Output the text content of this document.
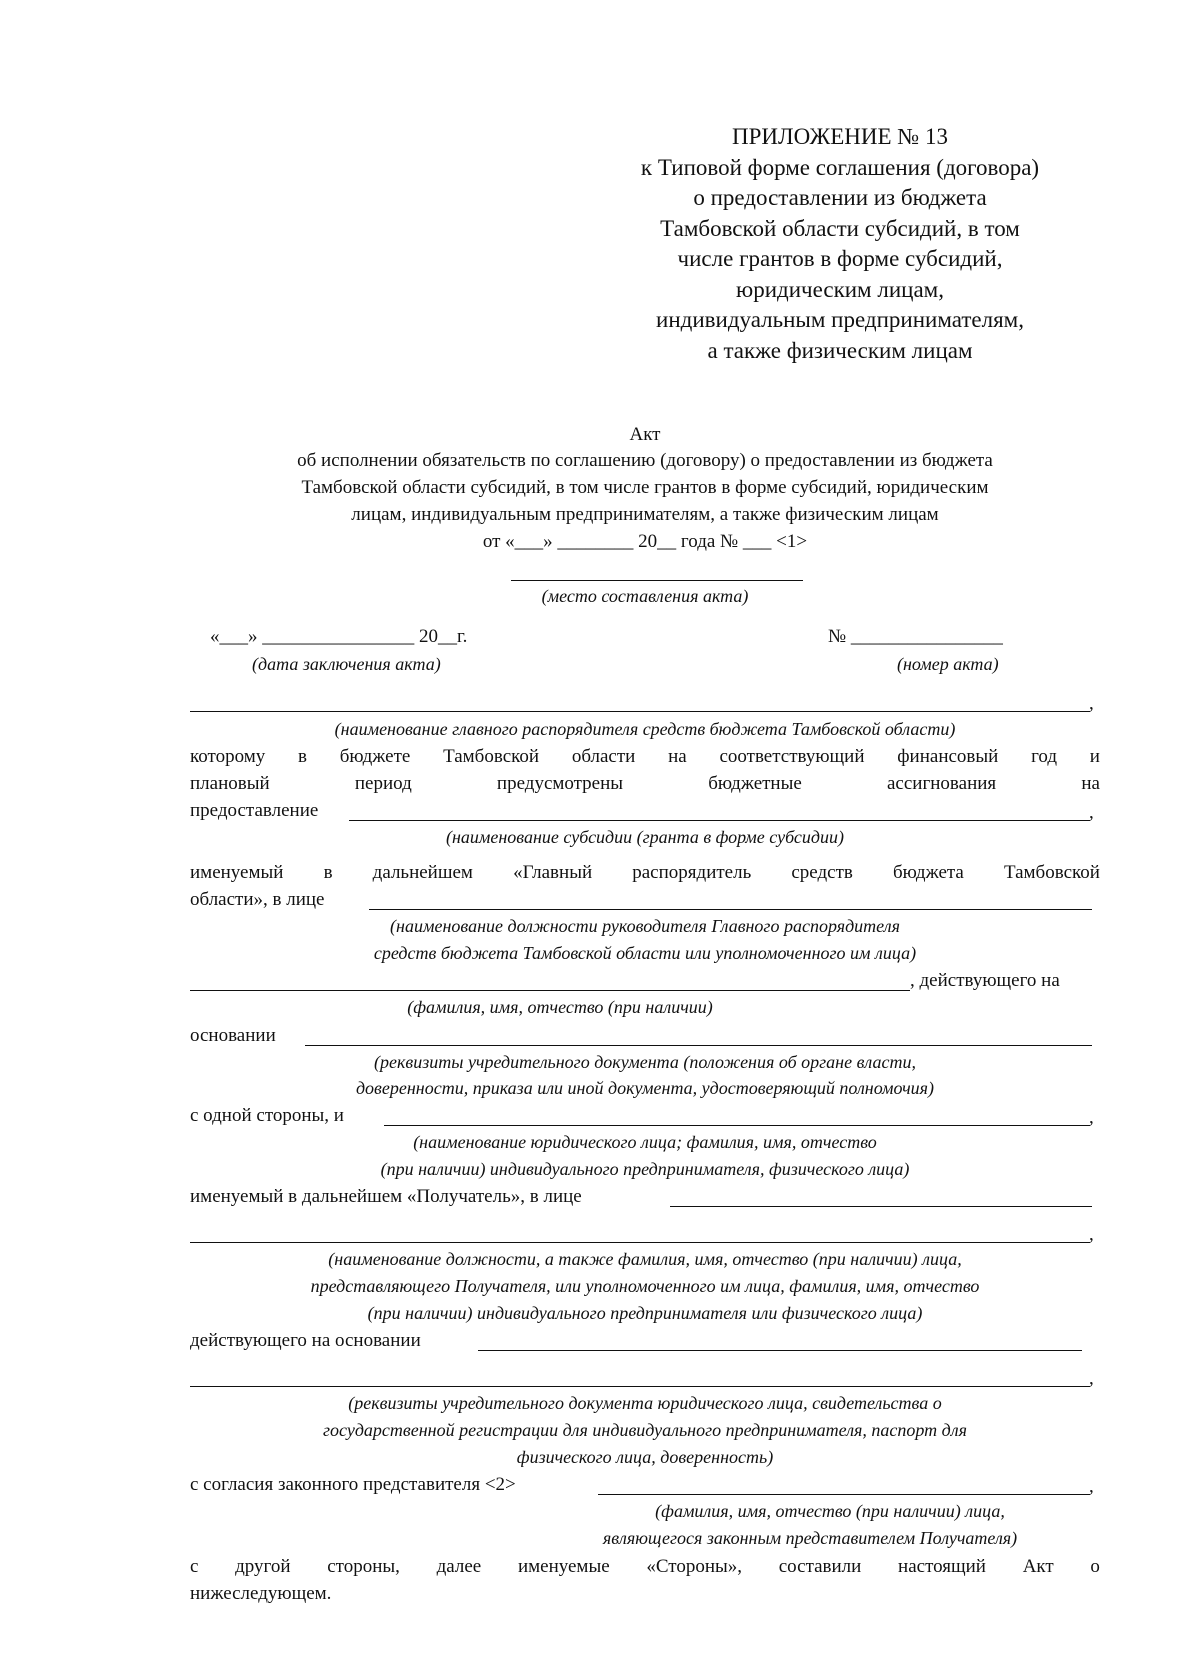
ПРИЛОЖЕНИЕ № 13
к Типовой форме соглашения (договора)
о предоставлении из бюджета
Тамбовской области субсидий, в том
числе грантов в форме субсидий,
юридическим лицам,
индивидуальным предпринимателям,
а также физическим лицам
Акт
об исполнении обязательств по соглашению (договору) о предоставлении из бюджета
Тамбовской области субсидий, в том числе грантов в форме субсидий, юридическим
лицам, индивидуальным предпринимателям, а также физическим лицам
от «___» ________ 20__ года № ___ <1>
(место составления акта)
«___» ________________ 20__г.	№ ________________
(дата заключения акта)	(номер акта)
,
(наименование главного распорядителя средств бюджета Тамбовской области)
которому в бюджете Тамбовской области на соответствующий финансовый год и
плановый	период	предусмотрены	бюджетные	ассигнования	на
предоставление	,
(наименование субсидии (гранта в форме субсидии)
именуемый в дальнейшем «Главный распорядитель средств бюджета Тамбовской
области», в лице
(наименование должности руководителя Главного распорядителя
средств бюджета Тамбовской области или уполномоченного им лица)
, действующего на
(фамилия, имя, отчество (при наличии)
основании
(реквизиты учредительного документа (положения об органе власти,
доверенности, приказа или иной документа, удостоверяющий полномочия)
с одной стороны, и	,
(наименование юридического лица; фамилия, имя, отчество
(при наличии) индивидуального предпринимателя, физического лица)
именуемый в дальнейшем «Получатель», в лице
,
(наименование должности, а также фамилия, имя, отчество (при наличии) лица,
представляющего Получателя, или уполномоченного им лица, фамилия, имя, отчество
(при наличии) индивидуального предпринимателя или физического лица)
действующего на основании
,
(реквизиты учредительного документа юридического лица, свидетельства о
государственной регистрации для индивидуального предпринимателя, паспорт для
физического лица, доверенность)
с согласия законного представителя <2>	,
(фамилия, имя, отчество (при наличии) лица,
являющегося законным представителем Получателя)
с другой стороны, далее именуемые «Стороны», составили настоящий Акт о
нижеследующем.
